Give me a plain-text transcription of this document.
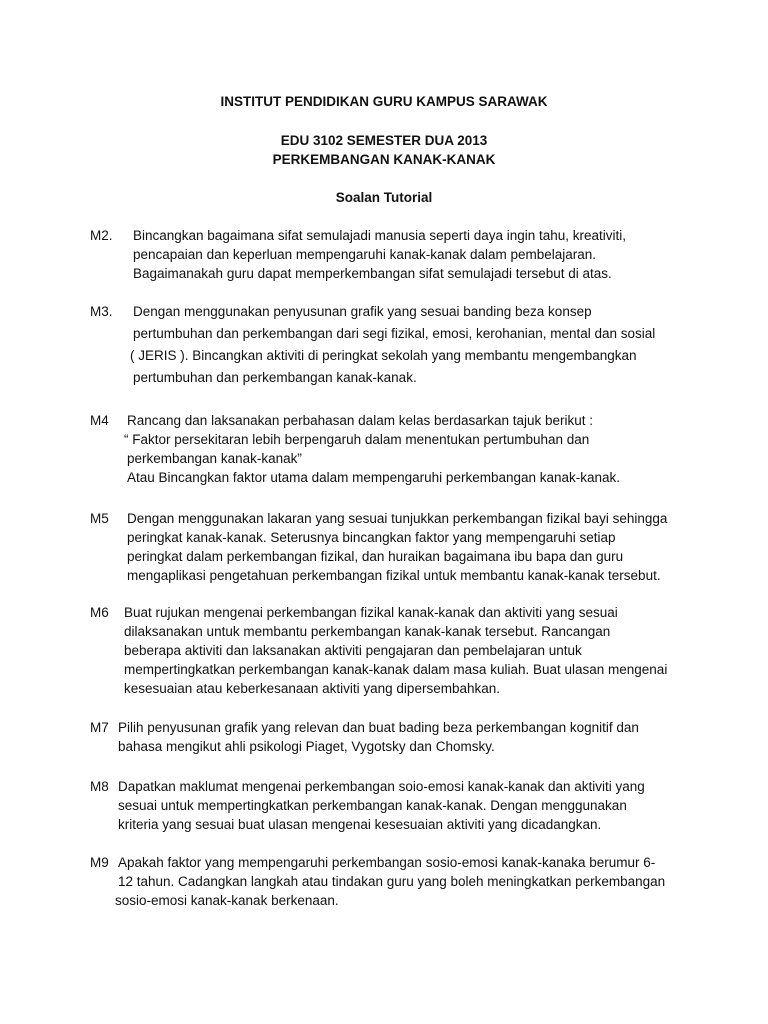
INSTITUT PENDIDIKAN GURU KAMPUS SARAWAK
EDU 3102 SEMESTER DUA 2013
PERKEMBANGAN KANAK-KANAK
Soalan Tutorial
M2. Bincangkan bagaimana sifat semulajadi manusia seperti daya ingin tahu, kreativiti,
pencapaian dan keperluan mempengaruhi kanak-kanak dalam pembelajaran.
Bagaimanakah guru dapat memperkembangan sifat semulajadi tersebut di atas.
M3. Dengan menggunakan penyusunan grafik yang sesuai banding beza konsep
pertumbuhan dan perkembangan dari segi fizikal, emosi, kerohanian, mental dan sosial
( JERIS ). Bincangkan aktiviti di peringkat sekolah yang membantu mengembangkan
pertumbuhan dan perkembangan kanak-kanak.
M4 Rancang dan laksanakan perbahasan dalam kelas berdasarkan tajuk berikut :
“ Faktor persekitaran lebih berpengaruh dalam menentukan pertumbuhan dan
perkembangan kanak-kanak”
Atau Bincangkan faktor utama dalam mempengaruhi perkembangan kanak-kanak.
M5 Dengan menggunakan lakaran yang sesuai tunjukkan perkembangan fizikal bayi sehingga
peringkat kanak-kanak. Seterusnya bincangkan faktor yang mempengaruhi setiap
peringkat dalam perkembangan fizikal, dan huraikan bagaimana ibu bapa dan guru
mengaplikasi pengetahuan perkembangan fizikal untuk membantu kanak-kanak tersebut.
M6 Buat rujukan mengenai perkembangan fizikal kanak-kanak dan aktiviti yang sesuai
dilaksanakan untuk membantu perkembangan kanak-kanak tersebut. Rancangan
beberapa aktiviti dan laksanakan aktiviti pengajaran dan pembelajaran untuk
mempertingkatkan perkembangan kanak-kanak dalam masa kuliah. Buat ulasan mengenai
kesesuaian atau keberkesanaan aktiviti yang dipersembahkan.
M7 Pilih penyusunan grafik yang relevan dan buat bading beza perkembangan kognitif dan
bahasa mengikut ahli psikologi Piaget, Vygotsky dan Chomsky.
M8 Dapatkan maklumat mengenai perkembangan soio-emosi kanak-kanak dan aktiviti yang
sesuai untuk mempertingkatkan perkembangan kanak-kanak. Dengan menggunakan
kriteria yang sesuai buat ulasan mengenai kesesuaian aktiviti yang dicadangkan.
M9 Apakah faktor yang mempengaruhi perkembangan sosio-emosi kanak-kanaka berumur 6-
12 tahun. Cadangkan langkah atau tindakan guru yang boleh meningkatkan perkembangan
sosio-emosi kanak-kanak berkenaan.
